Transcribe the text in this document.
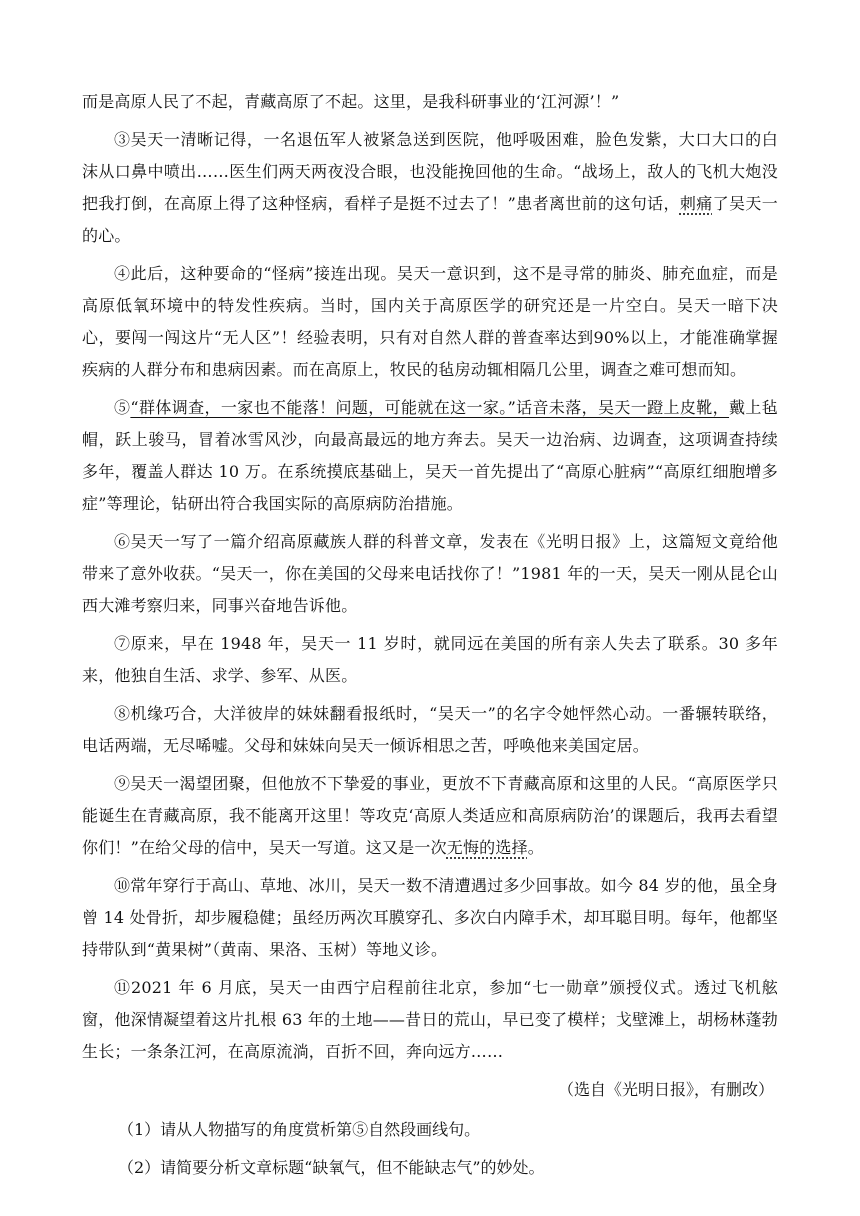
而是高原人民了不起，青藏高原了不起。这里，是我科研事业的‘江河源’！”

③吴天一清晰记得，一名退伍军人被紧急送到医院，他呼吸困难，脸色发紫，大口大口的白沫从口鼻中喷出……医生们两天两夜没合眼，也没能挽回他的生命。“战场上，敌人的飞机大炮没把我打倒，在高原上得了这种怪病，看样子是挺不过去了！”患者离世前的这句话，刺痛了吴天一的心。

④此后，这种要命的“怪病”接连出现。吴天一意识到，这不是寻常的肺炎、肺充血症，而是高原低氧环境中的特发性疾病。当时，国内关于高原医学的研究还是一片空白。吴天一暗下决心，要闯一闯这片“无人区”！经验表明，只有对自然人群的普查率达到90%以上，才能准确掌握疾病的人群分布和患病因素。而在高原上，牧民的毡房动辄相隔几公里，调查之难可想而知。

⑤“群体调查，一家也不能落！问题，可能就在这一家。”话音未落，吴天一蹬上皮靴，戴上毡帽，跃上骏马，冒着冰雪风沙，向最高最远的地方奔去。吴天一边治病、边调查，这项调查持续多年，覆盖人群达 10 万。在系统摸底基础上，吴天一首先提出了“高原心脏病”“高原红细胞增多症”等理论，钻研出符合我国实际的高原病防治措施。

⑥吴天一写了一篇介绍高原藏族人群的科普文章，发表在《光明日报》上，这篇短文竟给他带来了意外收获。“吴天一，你在美国的父母来电话找你了！”1981 年的一天，吴天一刚从昆仑山西大滩考察归来，同事兴奋地告诉他。

⑦原来，早在 1948 年，吴天一 11 岁时，就同远在美国的所有亲人失去了联系。30 多年来，他独自生活、求学、参军、从医。

⑧机缘巧合，大洋彼岸的妹妹翻看报纸时，“吴天一”的名字令她怦然心动。一番辗转联络，电话两端，无尽唏嘘。父母和妹妹向吴天一倾诉相思之苦，呼唤他来美国定居。

⑨吴天一渴望团聚，但他放不下挚爱的事业，更放不下青藏高原和这里的人民。“高原医学只能诞生在青藏高原，我不能离开这里！等攻克‘高原人类适应和高原病防治’的课题后，我再去看望你们！”在给父母的信中，吴天一写道。这又是一次无悔的选择。

⑩常年穿行于高山、草地、冰川，吴天一数不清遭遇过多少回事故。如今 84 岁的他，虽全身曾 14 处骨折，却步履稳健；虽经历两次耳膜穿孔、多次白内障手术，却耳聪目明。每年，他都坚持带队到“黄果树”（黄南、果洛、玉树）等地义诊。

⑪2021 年 6 月底，吴天一由西宁启程前往北京，参加“七一勋章”颁授仪式。透过飞机舷窗，他深情凝望着这片扎根 63 年的土地——昔日的荒山，早已变了模样；戈壁滩上，胡杨林蓬勃生长；一条条江河，在高原流淌，百折不回，奔向远方……

（选自《光明日报》，有删改）

（1）请从人物描写的角度赏析第⑤自然段画线句。

（2）请简要分析文章标题“缺氧气，但不能缺志气”的妙处。
